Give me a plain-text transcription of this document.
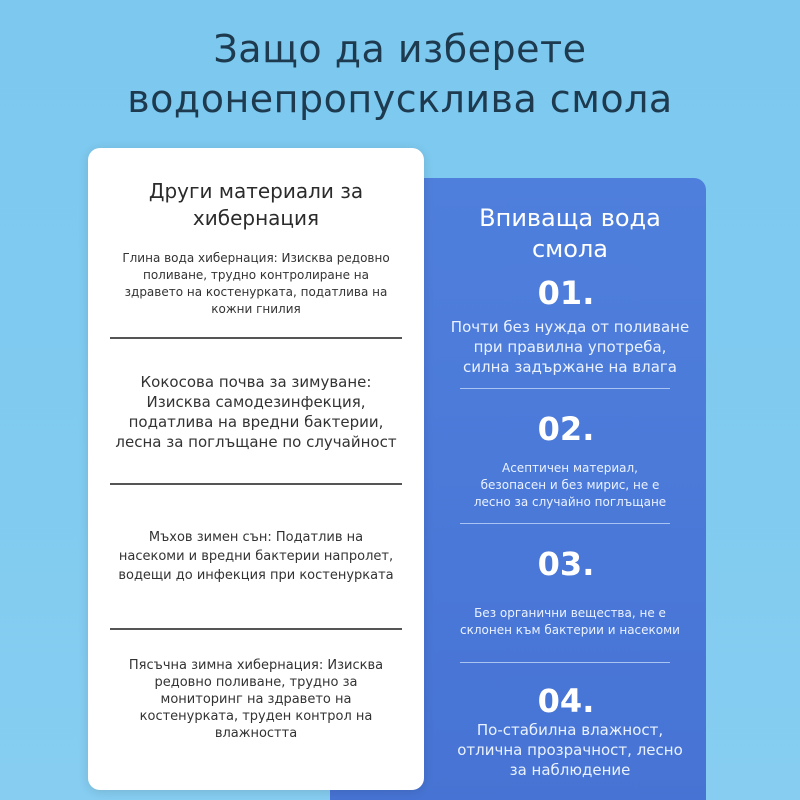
Защо да изберете
водонепропусклива смола
Впиваща вода
смола
01.
Почти без нужда от поливане
при правилна употреба,
силна задържане на влага
02.
Асептичен материал,
безопасен и без мирис, не е
лесно за случайно поглъщане
03.
Без органични вещества, не е
склонен към бактерии и насекоми
04.
По-стабилна влажност,
отлична прозрачност, лесно
за наблюдение
Други материали за
хибернация
Глина вода хибернация: Изисква редовно
поливане, трудно контролиране на
здравето на костенурката, податлива на
кожни гнилия
Кокосова почва за зимуване:
Изисква самодезинфекция,
податлива на вредни бактерии,
лесна за поглъщане по случайност
Мъхов зимен сън: Податлив на
насекоми и вредни бактерии напролет,
водещи до инфекция при костенурката
Пясъчна зимна хибернация: Изисква
редовно поливане, трудно за
мониторинг на здравето на
костенурката, труден контрол на
влажността
